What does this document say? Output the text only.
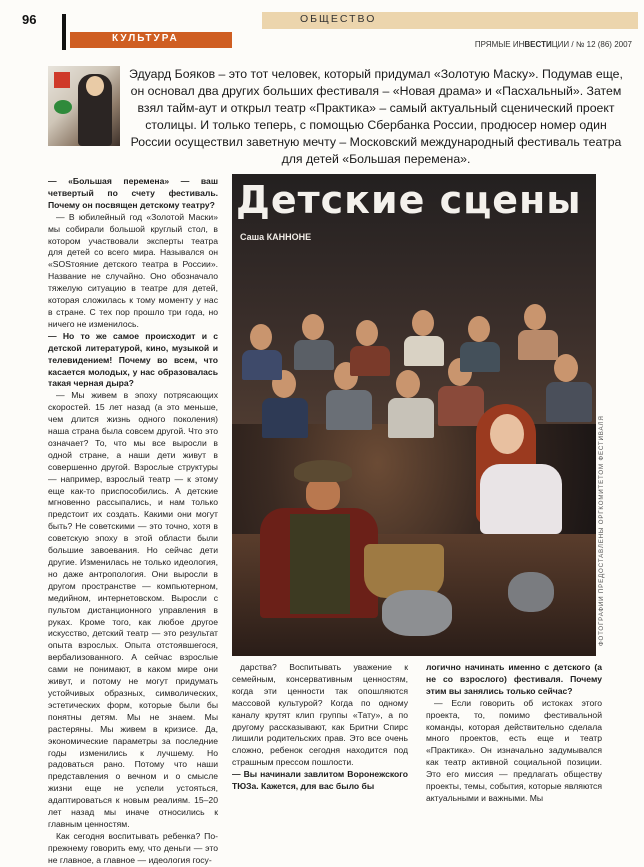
96	ОБЩЕСТВО
КУЛЬТУРА
ПРЯМЫЕ ИНВЕСТИЦИИ / № 12 (86) 2007
Эдуард Бояков – это тот человек, который придумал «Золотую Маску». Подумав еще, он основал два других больших фестиваля – «Новая драма» и «Пасхальный». Затем взял тайм-аут и открыл театр «Практика» – самый актуальный сценический проект столицы. И только теперь, с помощью Сбербанка России, продюсер номер один России осуществил заветную мечту – Московский международный фестиваль театра для детей «Большая перемена».

— «Большая перемена» — ваш четвертый по счету фестиваль. Почему он посвящен детскому театру?

— В юбилейный год «Золотой Маски» мы собирали большой круглый стол, в котором участвовали эксперты театра для детей со всего мира. Назывался он «SOSтояние детского театра в России». Название не случайно. Оно обозначало тяжелую ситуацию в театре для детей, которая сложилась к тому моменту у нас в стране. С тех пор прошло три года, но ничего не изменилось.

— Но то же самое происходит и с детской литературой, кино, музыкой и телевидением! Почему во всем, что касается молодых, у нас образовалась такая черная дыра?

— Мы живем в эпоху потрясающих скоростей. 15 лет назад (а это меньше, чем длится жизнь одного поколения) наша страна была совсем другой. Что это означает? То, что мы все выросли в одной стране, а наши дети живут в совершенно другой. Взрослые структуры — например, взрослый театр — к этому еще как-то приспособились. А детские мгновенно рассыпались, и нам только предстоит их создать. Какими они могут быть? Не советскими — это точно, хотя в советскую эпоху в этой области были большие завоевания. Но сейчас дети другие. Изменилась не только идеология, но даже антропология. Они выросли в другом пространстве — компьютерном, медийном, интернетовском. Выросли с пультом дистанционного управления в руках. Кроме того, как любое другое искусство, детский театр — это результат опыта взрослых. Опыта отстоявшегося, вербализованного. А сейчас взрослые сами не понимают, в каком мире они живут, и потому не могут придумать устойчивых образных, символических, эстетических форм, которые были бы понятны детям. Мы не знаем. Мы растеряны. Мы живем в кризисе. Да, экономические параметры за последние годы изменились к лучшему. Но радоваться рано. Потому что наши представления о вечном и о смысле жизни еще не успели устояться, адаптироваться к новым реалиям. 15–20 лет назад мы иначе относились к главным ценностям.

Как сегодня воспитывать ребенка? По-прежнему говорить ему, что деньги — это не главное, а главное — идеология госу-

Детские сцены
Саша КАННОНЕ
ФОТОГРАФИИ ПРЕДОСТАВЛЕНЫ ОРГКОМИТЕТОМ ФЕСТИВАЛЯ

дарства? Воспитывать уважение к семейным, консервативным ценностям, когда эти ценности так опошляются массовой культурой? Когда по одному каналу крутят клип группы «Тату», а по другому рассказывают, как Бритни Спирс лишили родительских прав. Это все очень сложно, ребенок сегодня находится под страшным прессом пошлости.

— Вы начинали завлитом Воронежского ТЮЗа. Кажется, для вас было бы

логично начинать именно с детского (а не со взрослого) фестиваля. Почему этим вы занялись только сейчас?

— Если говорить об истоках этого проекта, то, помимо фестивальной команды, которая действительно сделала много проектов, есть еще и театр «Практика». Он изначально задумывался как театр активной социальной позиции. Это его миссия — предлагать обществу проекты, темы, события, которые являются актуальными и важными. Мы
